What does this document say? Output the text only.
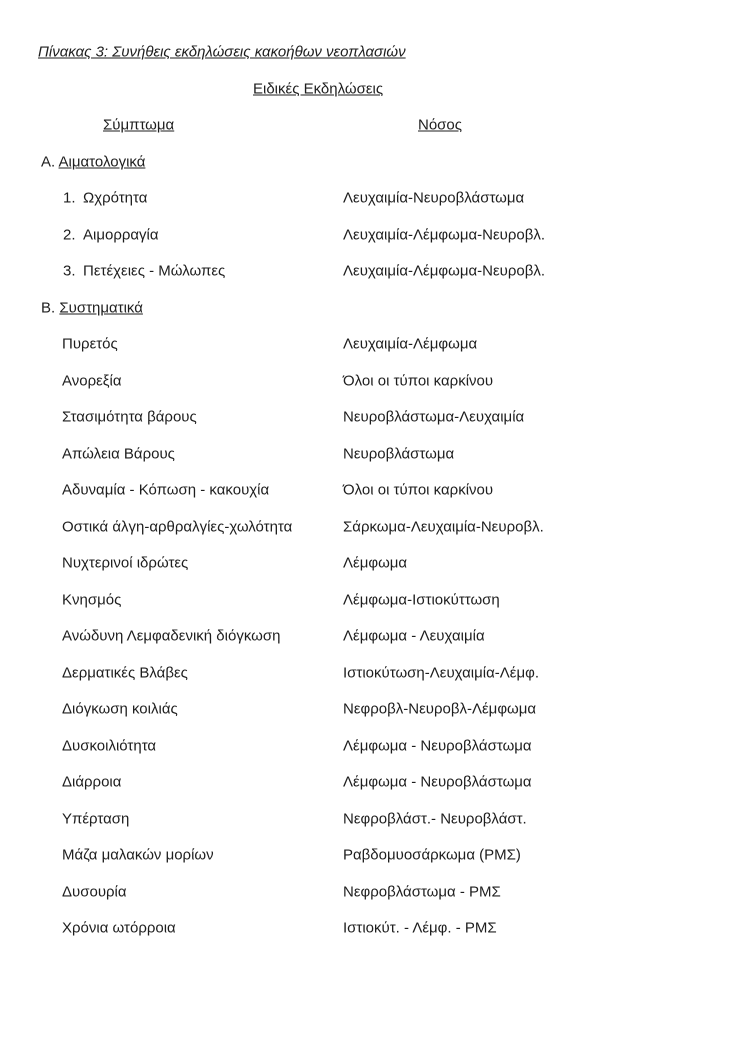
Πίνακας 3: Συνήθεις εκδηλώσεις κακοήθων νεοπλασιών
Ειδικές Εκδηλώσεις
Σύμπτωμα	Νόσος
Α. Αιματολογικά
1. Ωχρότητα	Λευχαιμία-Νευροβλάστωμα
2. Αιμορραγία	Λευχαιμία-Λέμφωμα-Νευροβλ.
3. Πετέχειες - Μώλωπες	Λευχαιμία-Λέμφωμα-Νευροβλ.
Β. Συστηματικά
Πυρετός	Λευχαιμία-Λέμφωμα
Ανορεξία	Όλοι οι τύποι καρκίνου
Στασιμότητα βάρους	Νευροβλάστωμα-Λευχαιμία
Απώλεια Βάρους	Νευροβλάστωμα
Αδυναμία - Κόπωση - κακουχία	Όλοι οι τύποι καρκίνου
Οστικά άλγη-αρθραλγίες-χωλότητα	Σάρκωμα-Λευχαιμία-Νευροβλ.
Νυχτερινοί ιδρώτες	Λέμφωμα
Κνησμός	Λέμφωμα-Ιστιοκύττωση
Ανώδυνη Λεμφαδενική διόγκωση	Λέμφωμα - Λευχαιμία
Δερματικές Βλάβες	Ιστιοκύτωση-Λευχαιμία-Λέμφ.
Διόγκωση κοιλιάς	Νεφροβλ-Νευροβλ-Λέμφωμα
Δυσκοιλιότητα	Λέμφωμα - Νευροβλάστωμα
Διάρροια	Λέμφωμα - Νευροβλάστωμα
Υπέρταση	Νεφροβλάστ.- Νευροβλάστ.
Μάζα μαλακών μορίων	Ραβδομυοσάρκωμα (ΡΜΣ)
Δυσουρία	Νεφροβλάστωμα - ΡΜΣ
Χρόνια ωτόρροια	Ιστιοκύτ. - Λέμφ. - ΡΜΣ
